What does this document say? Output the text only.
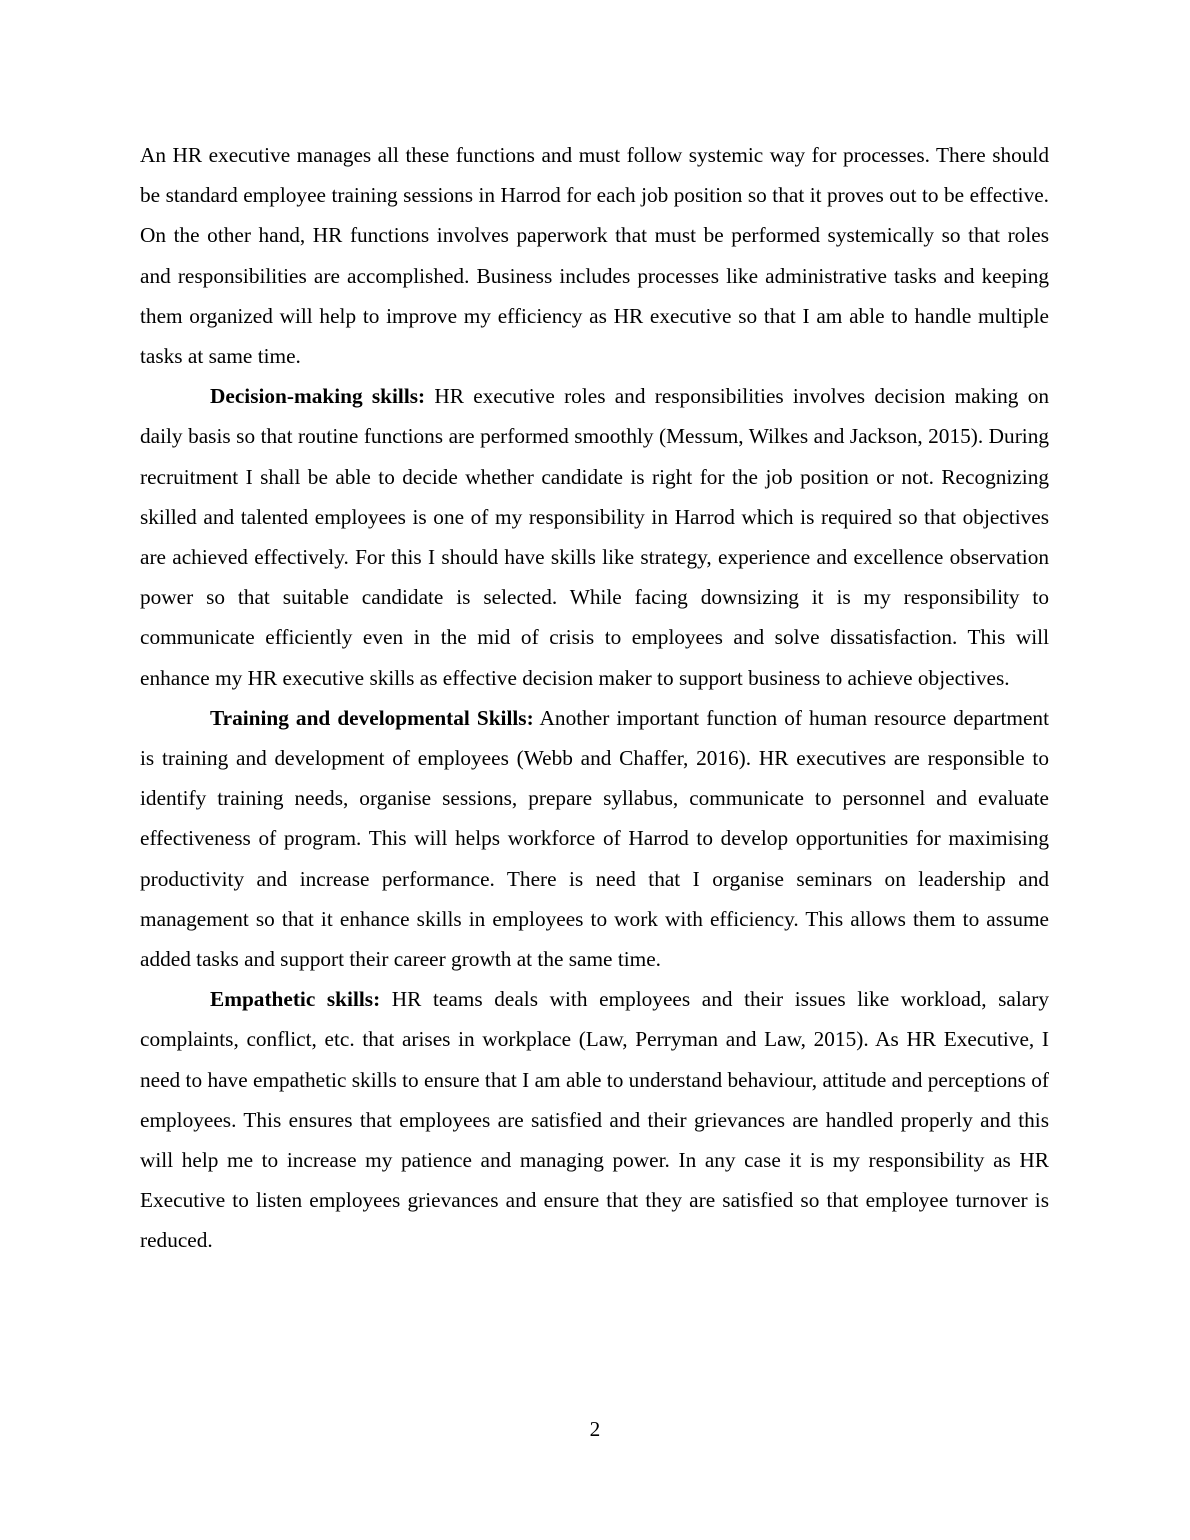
An HR executive manages all these functions and must follow systemic way for processes. There should be standard employee training sessions in Harrod for each job position so that it proves out to be effective. On the other hand, HR functions involves paperwork that must be performed systemically so that roles and responsibilities are accomplished. Business includes processes like administrative tasks and keeping them organized will help to improve my efficiency as HR executive so that I am able to handle multiple tasks at same time.

Decision-making skills: HR executive roles and responsibilities involves decision making on daily basis so that routine functions are performed smoothly (Messum, Wilkes and Jackson, 2015). During recruitment I shall be able to decide whether candidate is right for the job position or not. Recognizing skilled and talented employees is one of my responsibility in Harrod which is required so that objectives are achieved effectively. For this I should have skills like strategy, experience and excellence observation power so that suitable candidate is selected. While facing downsizing it is my responsibility to communicate efficiently even in the mid of crisis to employees and solve dissatisfaction. This will enhance my HR executive skills as effective decision maker to support business to achieve objectives.

Training and developmental Skills: Another important function of human resource department is training and development of employees (Webb and Chaffer, 2016). HR executives are responsible to identify training needs, organise sessions, prepare syllabus, communicate to personnel and evaluate effectiveness of program. This will helps workforce of Harrod to develop opportunities for maximising productivity and increase performance. There is need that I organise seminars on leadership and management so that it enhance skills in employees to work with efficiency. This allows them to assume added tasks and support their career growth at the same time.

Empathetic skills: HR teams deals with employees and their issues like workload, salary complaints, conflict, etc. that arises in workplace (Law, Perryman and Law, 2015). As HR Executive, I need to have empathetic skills to ensure that I am able to understand behaviour, attitude and perceptions of employees. This ensures that employees are satisfied and their grievances are handled properly and this will help me to increase my patience and managing power. In any case it is my responsibility as HR Executive to listen employees grievances and ensure that they are satisfied so that employee turnover is reduced.

2
